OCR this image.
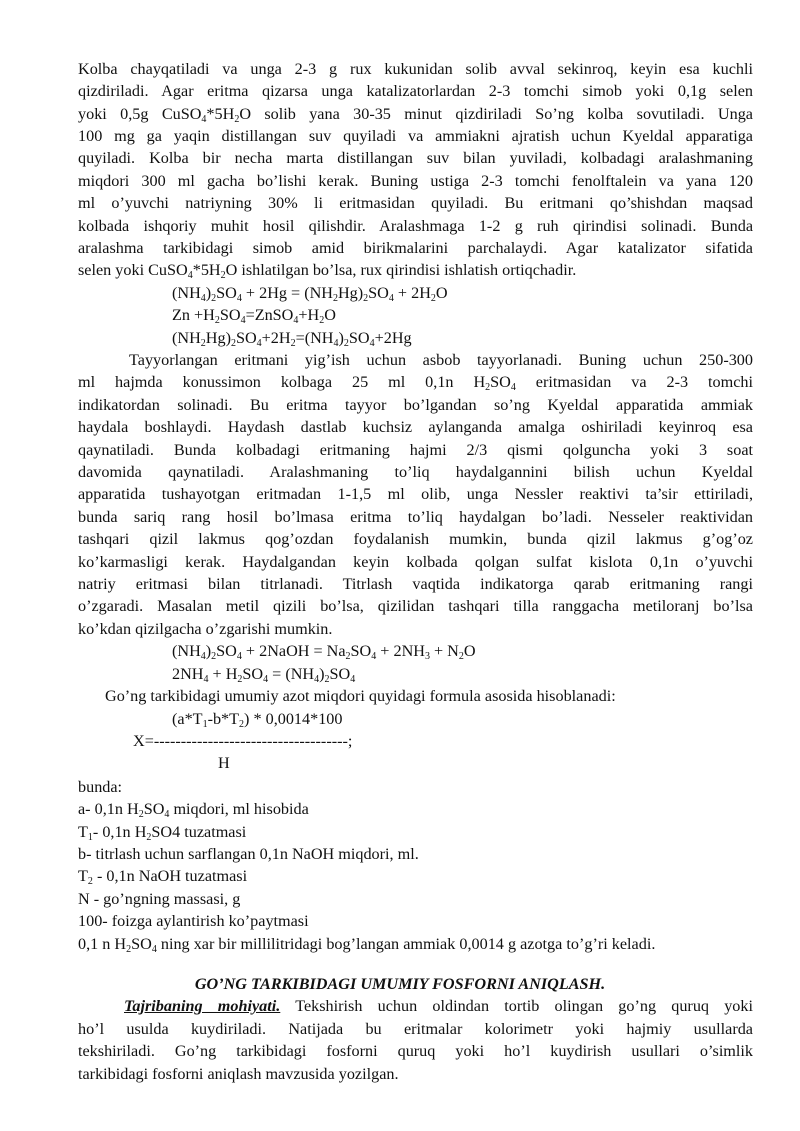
Kolba chayqatiladi va unga 2-3 g rux kukunidan solib avval sekinroq, keyin esa kuchli
qizdiriladi. Agar eritma qizarsa unga katalizatorlardan 2-3 tomchi simob yoki 0,1g selen
yoki 0,5g $CuSO_4*5H_2O$ solib yana 30-35 minut qizdiriladi So’ng kolba sovutiladi. Unga
100 mg ga yaqin distillangan suv quyiladi va ammiakni ajratish uchun Kyeldal apparatiga
quyiladi. Kolba bir necha marta distillangan suv bilan yuviladi, kolbadagi aralashmaning
miqdori 300 ml gacha bo’lishi kerak. Buning ustiga 2-3 tomchi fenolftalein va yana 120
ml o’yuvchi natriyning 30% li eritmasidan quyiladi. Bu eritmani qo’shishdan maqsad
kolbada ishqoriy muhit hosil qilishdir. Aralashmaga 1-2 g ruh qirindisi solinadi. Bunda
aralashma tarkibidagi simob amid birikmalarini parchalaydi. Agar katalizator sifatida
selen yoki $CuSO_4*5H_2O$ ishlatilgan bo’lsa, rux qirindisi ishlatish ortiqchadir.
$(NH_4)_2SO_4 + 2Hg = (NH_2Hg)_2SO_4 + 2H_2O$
$Zn +H_2SO_4=ZnSO_4+H_2O$
$(NH_2Hg)_2SO_4+2H_2=(NH_4)_2SO_4+2Hg$
Tayyorlangan eritmani yig’ish uchun asbob tayyorlanadi. Buning uchun 250-300
ml hajmda konussimon kolbaga 25 ml 0,1n $H_2SO_4$ eritmasidan va 2-3 tomchi
indikatordan solinadi. Bu eritma tayyor bo’lgandan so’ng Kyeldal apparatida ammiak
haydala boshlaydi. Haydash dastlab kuchsiz aylanganda amalga oshiriladi keyinroq esa
qaynatiladi. Bunda kolbadagi eritmaning hajmi 2/3 qismi qolguncha yoki 3 soat
davomida qaynatiladi. Aralashmaning to’liq haydalgannini bilish uchun Kyeldal
apparatida tushayotgan eritmadan 1-1,5 ml olib, unga Nessler reaktivi ta’sir ettiriladi,
bunda sariq rang hosil bo’lmasa eritma to’liq haydalgan bo’ladi. Nesseler reaktividan
tashqari qizil lakmus qog’ozdan foydalanish mumkin, bunda qizil lakmus g’og’oz
ko’karmasligi kerak. Haydalgandan keyin kolbada qolgan sulfat kislota 0,1n o’yuvchi
natriy eritmasi bilan titrlanadi. Titrlash vaqtida indikatorga qarab eritmaning rangi
o’zgaradi. Masalan metil qizili bo’lsa, qizilidan tashqari tilla ranggacha metiloranj bo’lsa
ko’kdan qizilgacha o’zgarishi mumkin.
$(NH_4)_2SO_4$ + 2NaOH = $Na_2SO_4 + 2NH_3 + N_2O$
$2NH_4 + H_2SO_4 = (NH_4)_2SO_4$
Go’ng tarkibidagi umumiy azot miqdori quyidagi formula asosida hisoblanadi:
$(a*T_1-b*T_2) * 0,0014*100$
X=------------------------------------;
H
bunda:
a- 0,1n $H_2SO_4$ miqdori, ml hisobida
$T_1-$ 0,1n $H_2SO4$ tuzatmasi
b- titrlash uchun sarflangan 0,1n NaOH miqdori, ml.
$T_2 - 0,1n$ NaOH tuzatmasi
N - go’ngning massasi, g
100- foizga aylantirish ko’paytmasi
0,1 n $H_2SO_4$ ning xar bir millilitridagi bog’langan ammiak 0,0014 g azotga to’g’ri keladi.
GO’NG TARKIBIDAGI UMUMIY FOSFORNI ANIQLASH.
Tajribaning mohiyati. Tekshirish uchun oldindan tortib olingan go’ng quruq yoki
ho’l usulda kuydiriladi. Natijada bu eritmalar kolorimetr yoki hajmiy usullarda
tekshiriladi. Go’ng tarkibidagi fosforni quruq yoki ho’l kuydirish usullari o’simlik
tarkibidagi fosforni aniqlash mavzusida yozilgan.
